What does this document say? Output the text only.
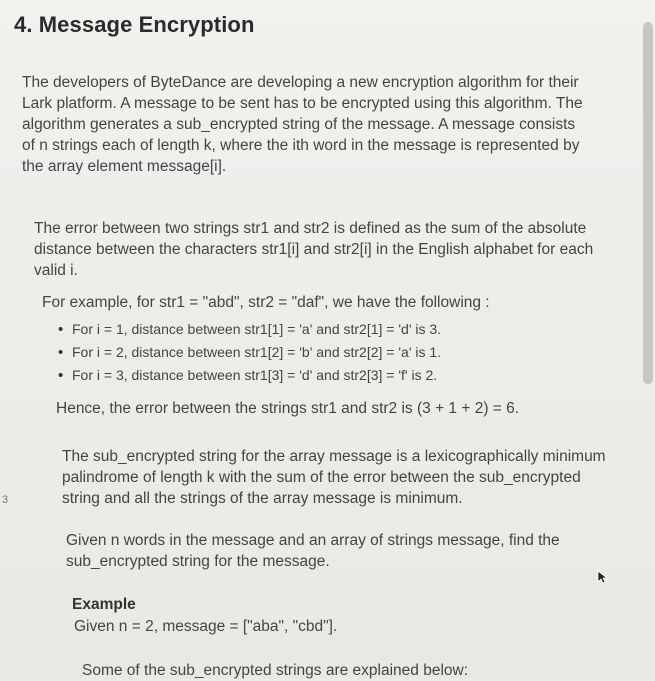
4. Message Encryption

The developers of ByteDance are developing a new encryption algorithm for their Lark platform. A message to be sent has to be encrypted using this algorithm. The algorithm generates a sub_encrypted string of the message. A message consists of n strings each of length k, where the ith word in the message is represented by the array element message[i].

The error between two strings str1 and str2 is defined as the sum of the absolute distance between the characters str1[i] and str2[i] in the English alphabet for each valid i.

For example, for str1 = "abd", str2 = "daf", we have the following :

• For i = 1, distance between str1[1] = 'a' and str2[1] = 'd' is 3.
• For i = 2, distance between str1[2] = 'b' and str2[2] = 'a' is 1.
• For i = 3, distance between str1[3] = 'd' and str2[3] = 'f' is 2.

Hence, the error between the strings str1 and str2 is (3 + 1 + 2) = 6.

The sub_encrypted string for the array message is a lexicographically minimum palindrome of length k with the sum of the error between the sub_encrypted string and all the strings of the array message is minimum.

Given n words in the message and an array of strings message, find the sub_encrypted string for the message.

Example
Given n = 2, message = ["aba", "cbd"].

Some of the sub_encrypted strings are explained below:

3
